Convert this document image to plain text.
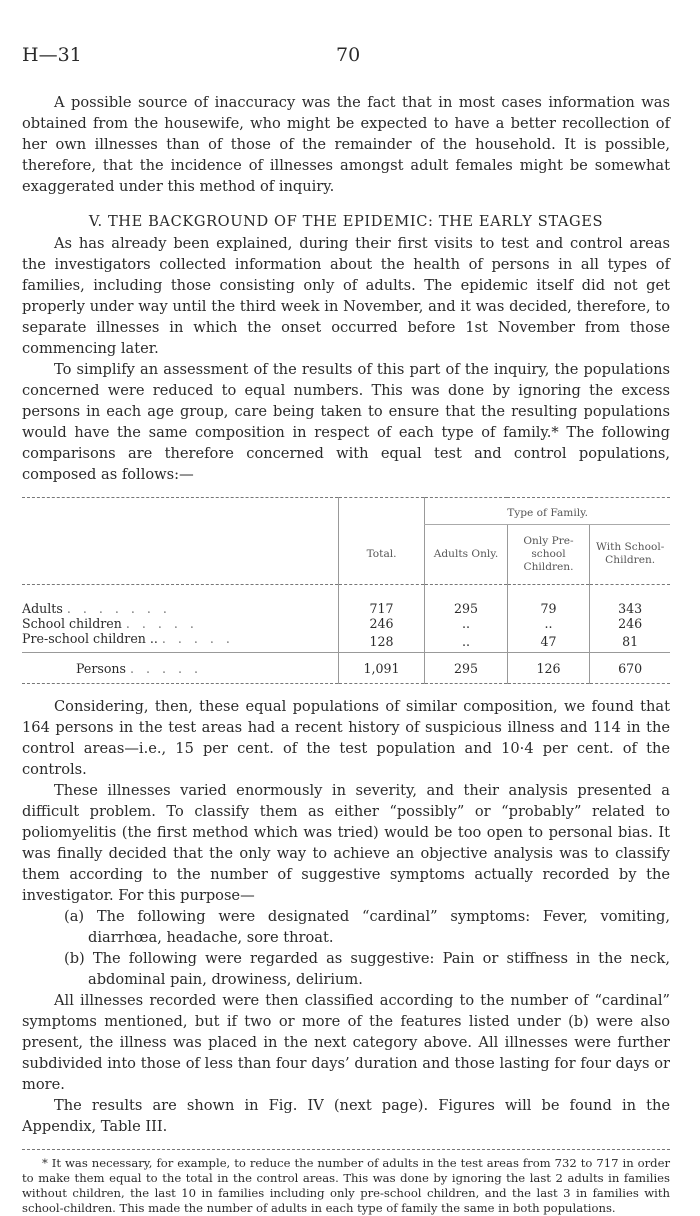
H—31	70

A possible source of inaccuracy was the fact that in most cases information was obtained from the housewife, who might be expected to have a better recollection of her own illnesses than of those of the remainder of the household. It is possible, therefore, that the incidence of illnesses amongst adult females might be somewhat exaggerated under this method of inquiry.

V. THE BACKGROUND OF THE EPIDEMIC: THE EARLY STAGES

As has already been explained, during their first visits to test and control areas the investigators collected information about the health of persons in all types of families, including those consisting only of adults. The epidemic itself did not get properly under way until the third week in November, and it was decided, therefore, to separate illnesses in which the onset occurred before 1st November from those commencing later.

To simplify an assessment of the results of this part of the inquiry, the populations concerned were reduced to equal numbers. This was done by ignoring the excess persons in each age group, care being taken to ensure that the resulting populations would have the same composition in respect of each type of family.* The following comparisons are therefore concerned with equal test and control populations, composed as follows:—

		Type of Family.		
	Total.	Adults Only.	Only Pre-school Children.	With School-Children.

Adults .......	717	295	79	343
School children .....	246	..	..	246
Pre-school children .. .....	128	..	47	81
Persons .....	1,091	295	126	670

Considering, then, these equal populations of similar composition, we found that 164 persons in the test areas had a recent history of suspicious illness and 114 in the control areas—i.e., 15 per cent. of the test population and 10·4 per cent. of the controls.

These illnesses varied enormously in severity, and their analysis presented a difficult problem. To classify them as either “possibly” or “probably” related to poliomyelitis (the first method which was tried) would be too open to personal bias. It was finally decided that the only way to achieve an objective analysis was to classify them according to the number of suggestive symptoms actually recorded by the investigator. For this purpose—

(a) The following were designated “cardinal” symptoms: Fever, vomiting, diarrhœa, headache, sore throat.
(b) The following were regarded as suggestive: Pain or stiffness in the neck, abdominal pain, drowiness, delirium.

All illnesses recorded were then classified according to the number of “cardinal” symptoms mentioned, but if two or more of the features listed under (b) were also present, the illness was placed in the next category above. All illnesses were further subdivided into those of less than four days’ duration and those lasting for four days or more.

The results are shown in Fig. IV (next page). Figures will be found in the Appendix, Table III.

* It was necessary, for example, to reduce the number of adults in the test areas from 732 to 717 in order to make them equal to the total in the control areas. This was done by ignoring the last 2 adults in families without children, the last 10 in families including only pre-school children, and the last 3 in families with school-children. This made the number of adults in each type of family the same in both populations.
